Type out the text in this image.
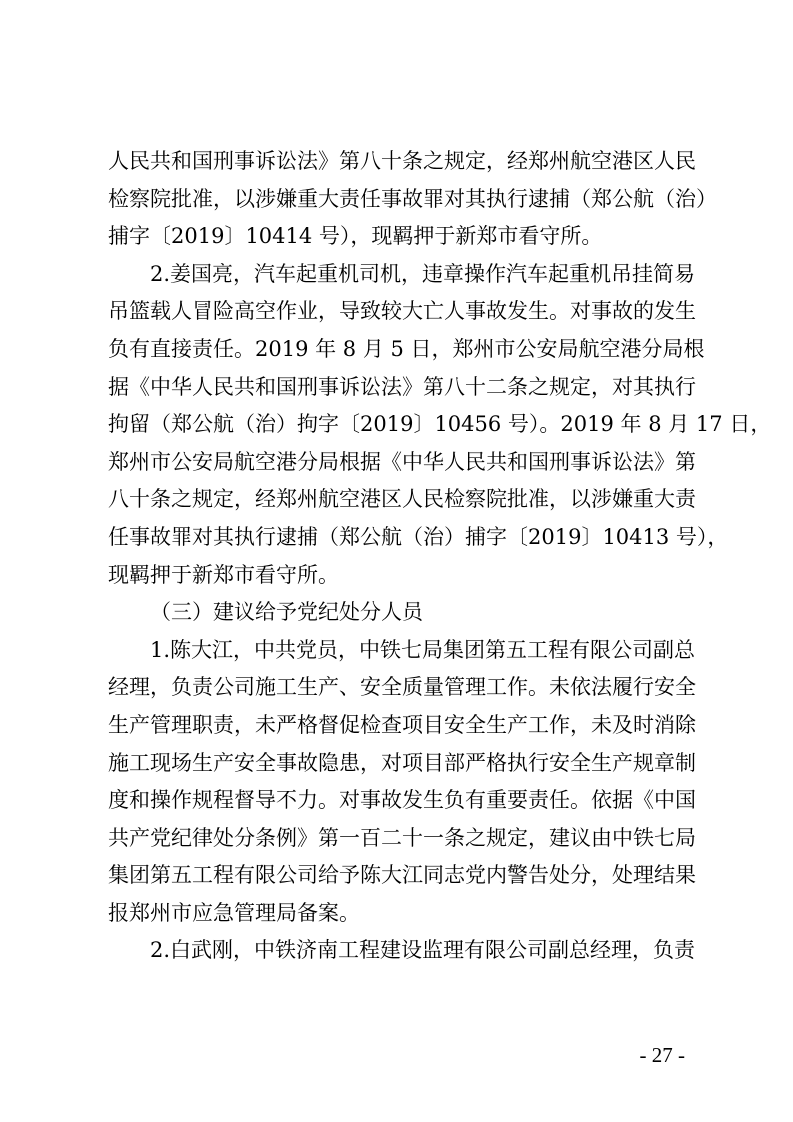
人民共和国刑事诉讼法》第八十条之规定，经郑州航空港区人民
检察院批准，以涉嫌重大责任事故罪对其执行逮捕（郑公航（治）
捕字〔2019〕10414 号），现羁押于新郑市看守所。
2.姜国亮，汽车起重机司机，违章操作汽车起重机吊挂简易
吊篮载人冒险高空作业，导致较大亡人事故发生。对事故的发生
负有直接责任。2019 年 8 月 5 日，郑州市公安局航空港分局根
据《中华人民共和国刑事诉讼法》第八十二条之规定，对其执行
拘留（郑公航（治）拘字〔2019〕10456 号）。2019 年 8 月 17 日，
郑州市公安局航空港分局根据《中华人民共和国刑事诉讼法》第
八十条之规定，经郑州航空港区人民检察院批准，以涉嫌重大责
任事故罪对其执行逮捕（郑公航（治）捕字〔2019〕10413 号），
现羁押于新郑市看守所。
（三）建议给予党纪处分人员
1.陈大江，中共党员，中铁七局集团第五工程有限公司副总
经理，负责公司施工生产、安全质量管理工作。未依法履行安全
生产管理职责，未严格督促检查项目安全生产工作，未及时消除
施工现场生产安全事故隐患，对项目部严格执行安全生产规章制
度和操作规程督导不力。对事故发生负有重要责任。依据《中国
共产党纪律处分条例》第一百二十一条之规定，建议由中铁七局
集团第五工程有限公司给予陈大江同志党内警告处分，处理结果
报郑州市应急管理局备案。
2.白武刚，中铁济南工程建设监理有限公司副总经理，负责
- 27 -
